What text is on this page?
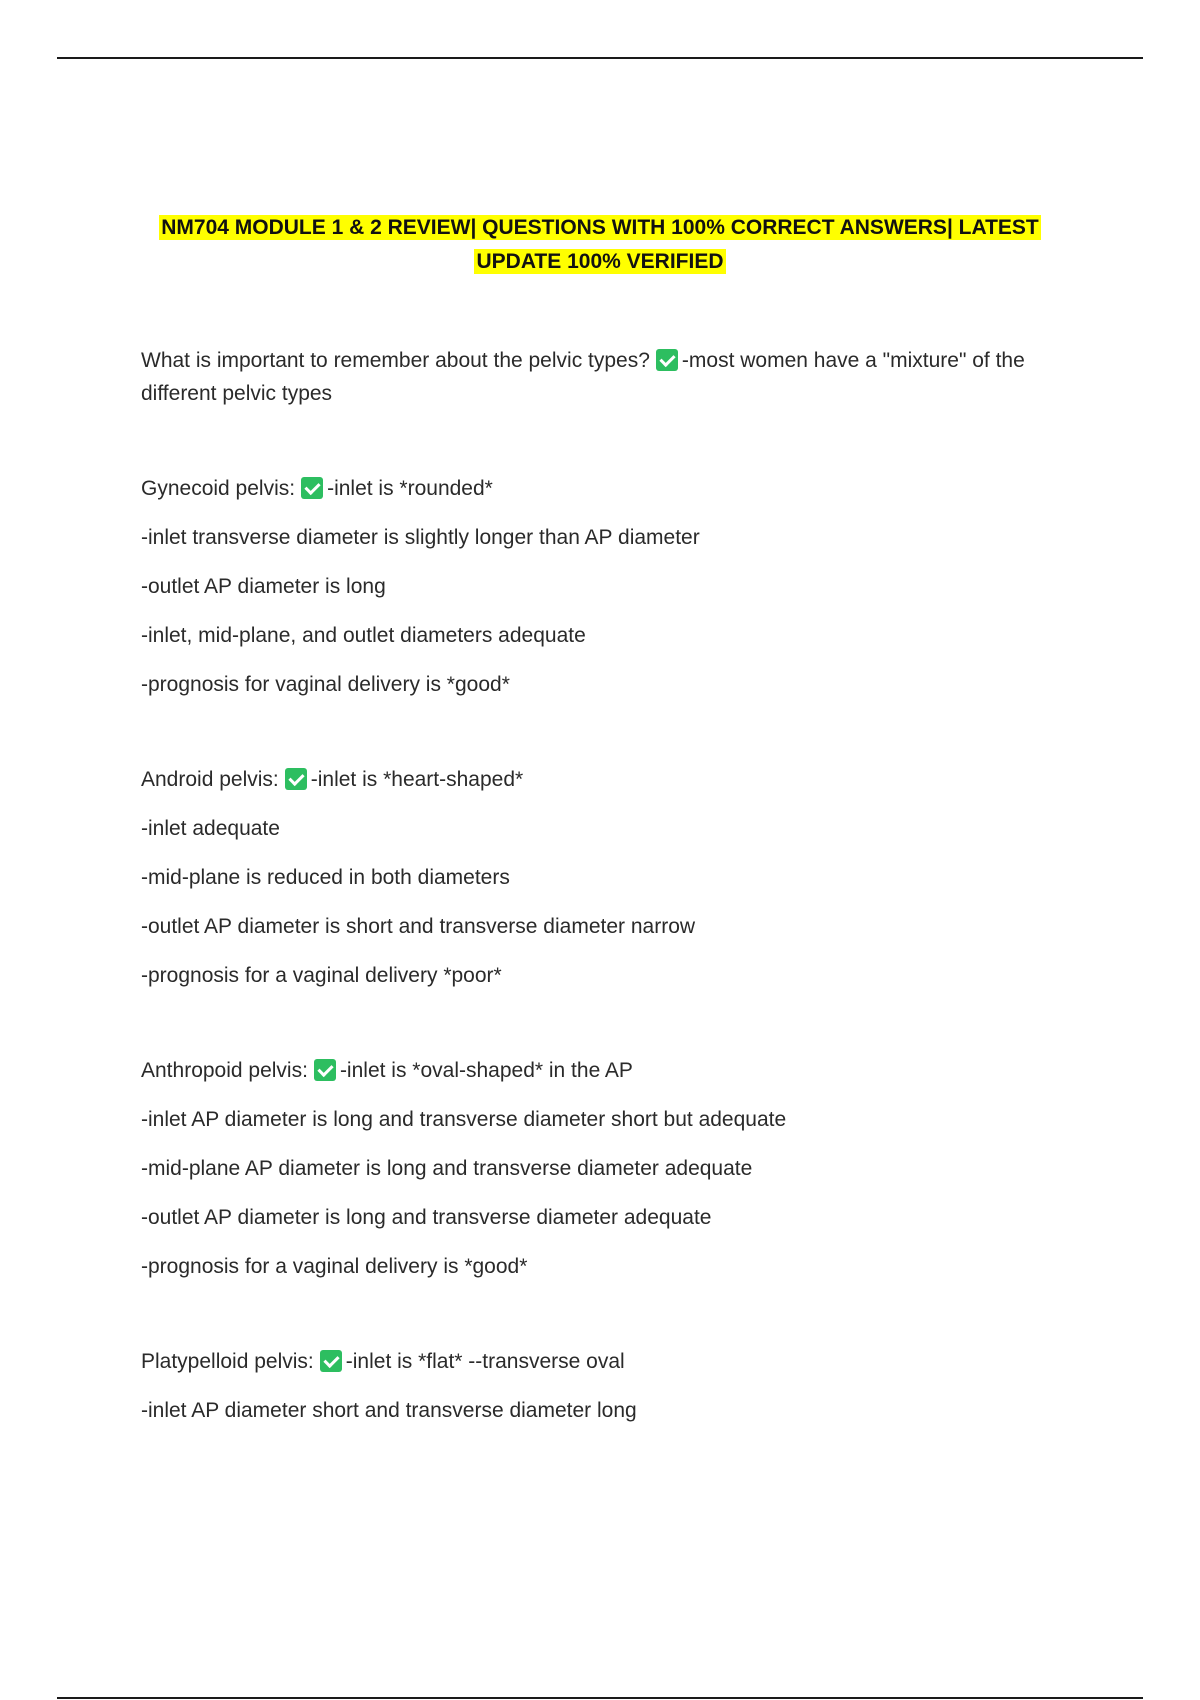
NM704 MODULE 1 & 2 REVIEW| QUESTIONS WITH 100% CORRECT ANSWERS| LATEST
UPDATE 100% VERIFIED

What is important to remember about the pelvic types? -most women have a "mixture" of the different pelvic types

Gynecoid pelvis: -inlet is *rounded*

-inlet transverse diameter is slightly longer than AP diameter

-outlet AP diameter is long

-inlet, mid-plane, and outlet diameters adequate

-prognosis for vaginal delivery is *good*

Android pelvis: -inlet is *heart-shaped*

-inlet adequate

-mid-plane is reduced in both diameters

-outlet AP diameter is short and transverse diameter narrow

-prognosis for a vaginal delivery *poor*

Anthropoid pelvis: -inlet is *oval-shaped* in the AP

-inlet AP diameter is long and transverse diameter short but adequate

-mid-plane AP diameter is long and transverse diameter adequate

-outlet AP diameter is long and transverse diameter adequate

-prognosis for a vaginal delivery is *good*

Platypelloid pelvis: -inlet is *flat* --transverse oval

-inlet AP diameter short and transverse diameter long
